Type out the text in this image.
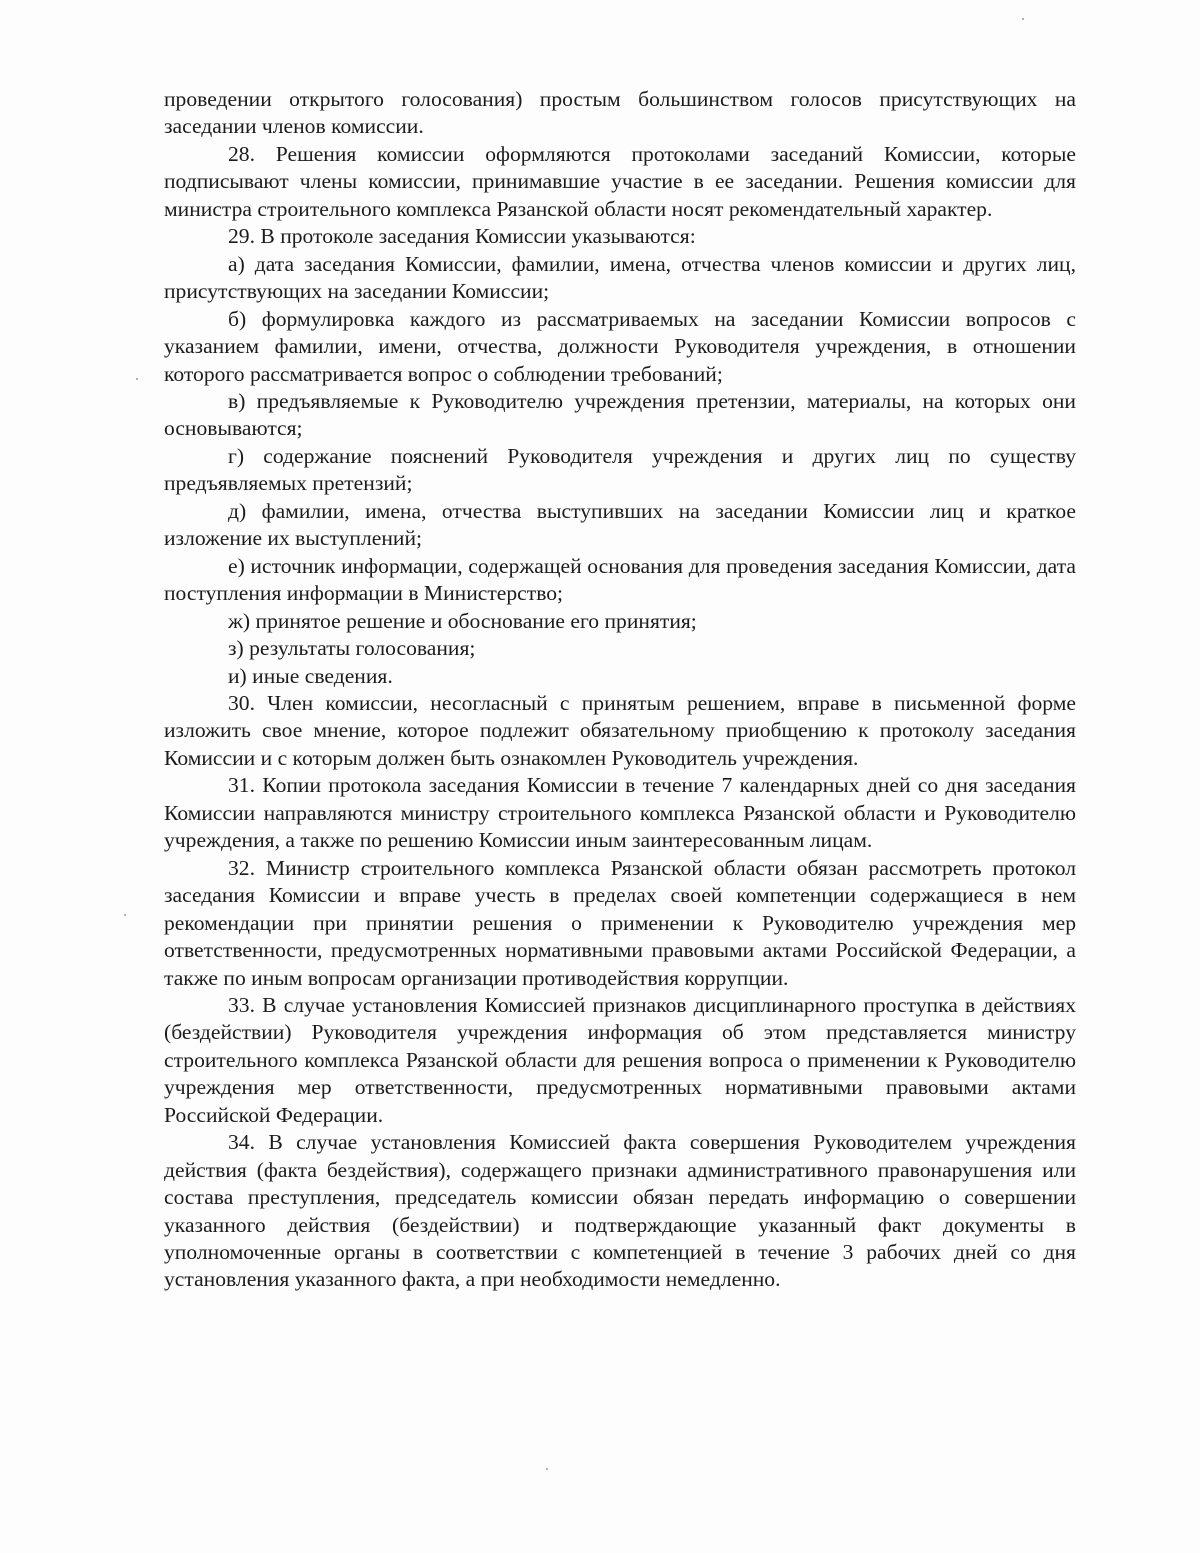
проведении открытого голосования) простым большинством голосов присутствующих на заседании членов комиссии.

28. Решения комиссии оформляются протоколами заседаний Комиссии, которые подписывают члены комиссии, принимавшие участие в ее заседании. Решения комиссии для министра строительного комплекса Рязанской области носят рекомендательный характер.

29. В протоколе заседания Комиссии указываются:

а) дата заседания Комиссии, фамилии, имена, отчества членов комиссии и других лиц, присутствующих на заседании Комиссии;

б) формулировка каждого из рассматриваемых на заседании Комиссии вопросов с указанием фамилии, имени, отчества, должности Руководителя учреждения, в отношении которого рассматривается вопрос о соблюдении требований;

в) предъявляемые к Руководителю учреждения претензии, материалы, на которых они основываются;

г) содержание пояснений Руководителя учреждения и других лиц по существу предъявляемых претензий;

д) фамилии, имена, отчества выступивших на заседании Комиссии лиц и краткое изложение их выступлений;

е) источник информации, содержащей основания для проведения заседания Комиссии, дата поступления информации в Министерство;

ж) принятое решение и обоснование его принятия;

з) результаты голосования;

и) иные сведения.

30. Член комиссии, несогласный с принятым решением, вправе в письменной форме изложить свое мнение, которое подлежит обязательному приобщению к протоколу заседания Комиссии и с которым должен быть ознакомлен Руководитель учреждения.

31. Копии протокола заседания Комиссии в течение 7 календарных дней со дня заседания Комиссии направляются министру строительного комплекса Рязанской области и Руководителю учреждения, а также по решению Комиссии иным заинтересованным лицам.

32. Министр строительного комплекса Рязанской области обязан рассмотреть протокол заседания Комиссии и вправе учесть в пределах своей компетенции содержащиеся в нем рекомендации при принятии решения о применении к Руководителю учреждения мер ответственности, предусмотренных нормативными правовыми актами Российской Федерации, а также по иным вопросам организации противодействия коррупции.

33. В случае установления Комиссией признаков дисциплинарного проступка в действиях (бездействии) Руководителя учреждения информация об этом представляется министру строительного комплекса Рязанской области для решения вопроса о применении к Руководителю учреждения мер ответственности, предусмотренных нормативными правовыми актами Российской Федерации.

34. В случае установления Комиссией факта совершения Руководителем учреждения действия (факта бездействия), содержащего признаки административного правонарушения или состава преступления, председатель комиссии обязан передать информацию о совершении указанного действия (бездействии) и подтверждающие указанный факт документы в уполномоченные органы в соответствии с компетенцией в течение 3 рабочих дней со дня установления указанного факта, а при необходимости немедленно.
